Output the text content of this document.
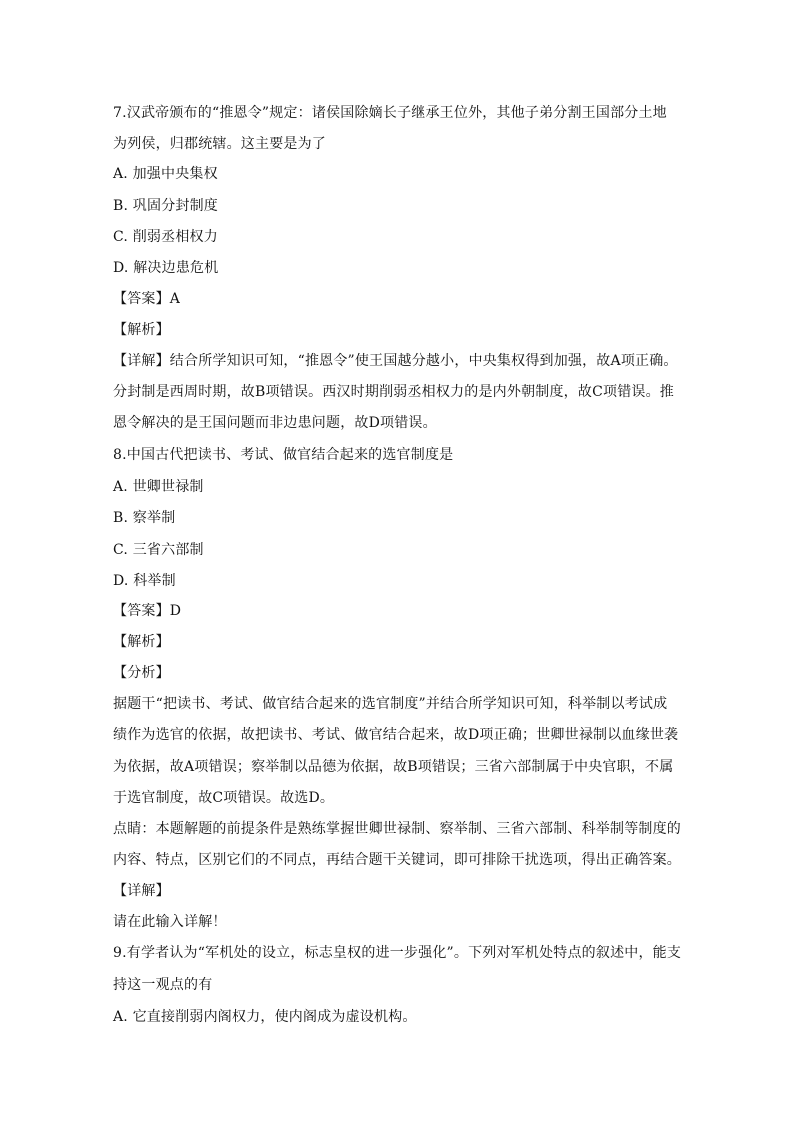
7.汉武帝颁布的“推恩令”规定：诸侯国除嫡长子继承王位外，其他子弟分割王国部分土地
为列侯，归郡统辖。这主要是为了
A. 加强中央集权
B. 巩固分封制度
C. 削弱丞相权力
D. 解决边患危机
【答案】A
【解析】
【详解】结合所学知识可知，“推恩令”使王国越分越小，中央集权得到加强，故A项正确。
分封制是西周时期，故B项错误。西汉时期削弱丞相权力的是内外朝制度，故C项错误。推
恩令解决的是王国问题而非边患问题，故D项错误。
8.中国古代把读书、考试、做官结合起来的选官制度是
A. 世卿世禄制
B. 察举制
C. 三省六部制
D. 科举制
【答案】D
【解析】
【分析】
据题干“把读书、考试、做官结合起来的选官制度”并结合所学知识可知，科举制以考试成
绩作为选官的依据，故把读书、考试、做官结合起来，故D项正确；世卿世禄制以血缘世袭
为依据，故A项错误；察举制以品德为依据，故B项错误；三省六部制属于中央官职，不属
于选官制度，故C项错误。故选D。
点睛：本题解题的前提条件是熟练掌握世卿世禄制、察举制、三省六部制、科举制等制度的
内容、特点，区别它们的不同点，再结合题干关键词，即可排除干扰选项，得出正确答案。
【详解】
请在此输入详解！
9.有学者认为“军机处的设立，标志皇权的进一步强化”。下列对军机处特点的叙述中，能支
持这一观点的有
A. 它直接削弱内阁权力，使内阁成为虚设机构。
